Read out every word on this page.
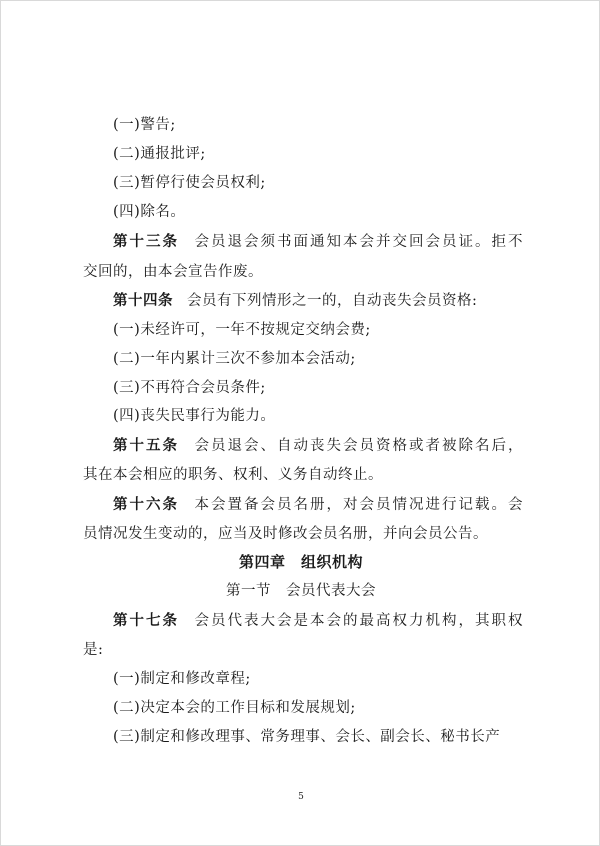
(一)警告;
(二)通报批评;
(三)暂停行使会员权利;
(四)除名。
第十三条 会员退会须书面通知本会并交回会员证。拒不
交回的，由本会宣告作废。
第十四条 会员有下列情形之一的，自动丧失会员资格:
(一)未经许可，一年不按规定交纳会费;
(二)一年内累计三次不参加本会活动;
(三)不再符合会员条件;
(四)丧失民事行为能力。
第十五条 会员退会、自动丧失会员资格或者被除名后，
其在本会相应的职务、权利、义务自动终止。
第十六条 本会置备会员名册，对会员情况进行记载。会
员情况发生变动的，应当及时修改会员名册，并向会员公告。
第四章　组织机构
第一节　会员代表大会
第十七条 会员代表大会是本会的最高权力机构，其职权
是:
(一)制定和修改章程;
(二)决定本会的工作目标和发展规划;
(三)制定和修改理事、常务理事、会长、副会长、秘书长产
5
